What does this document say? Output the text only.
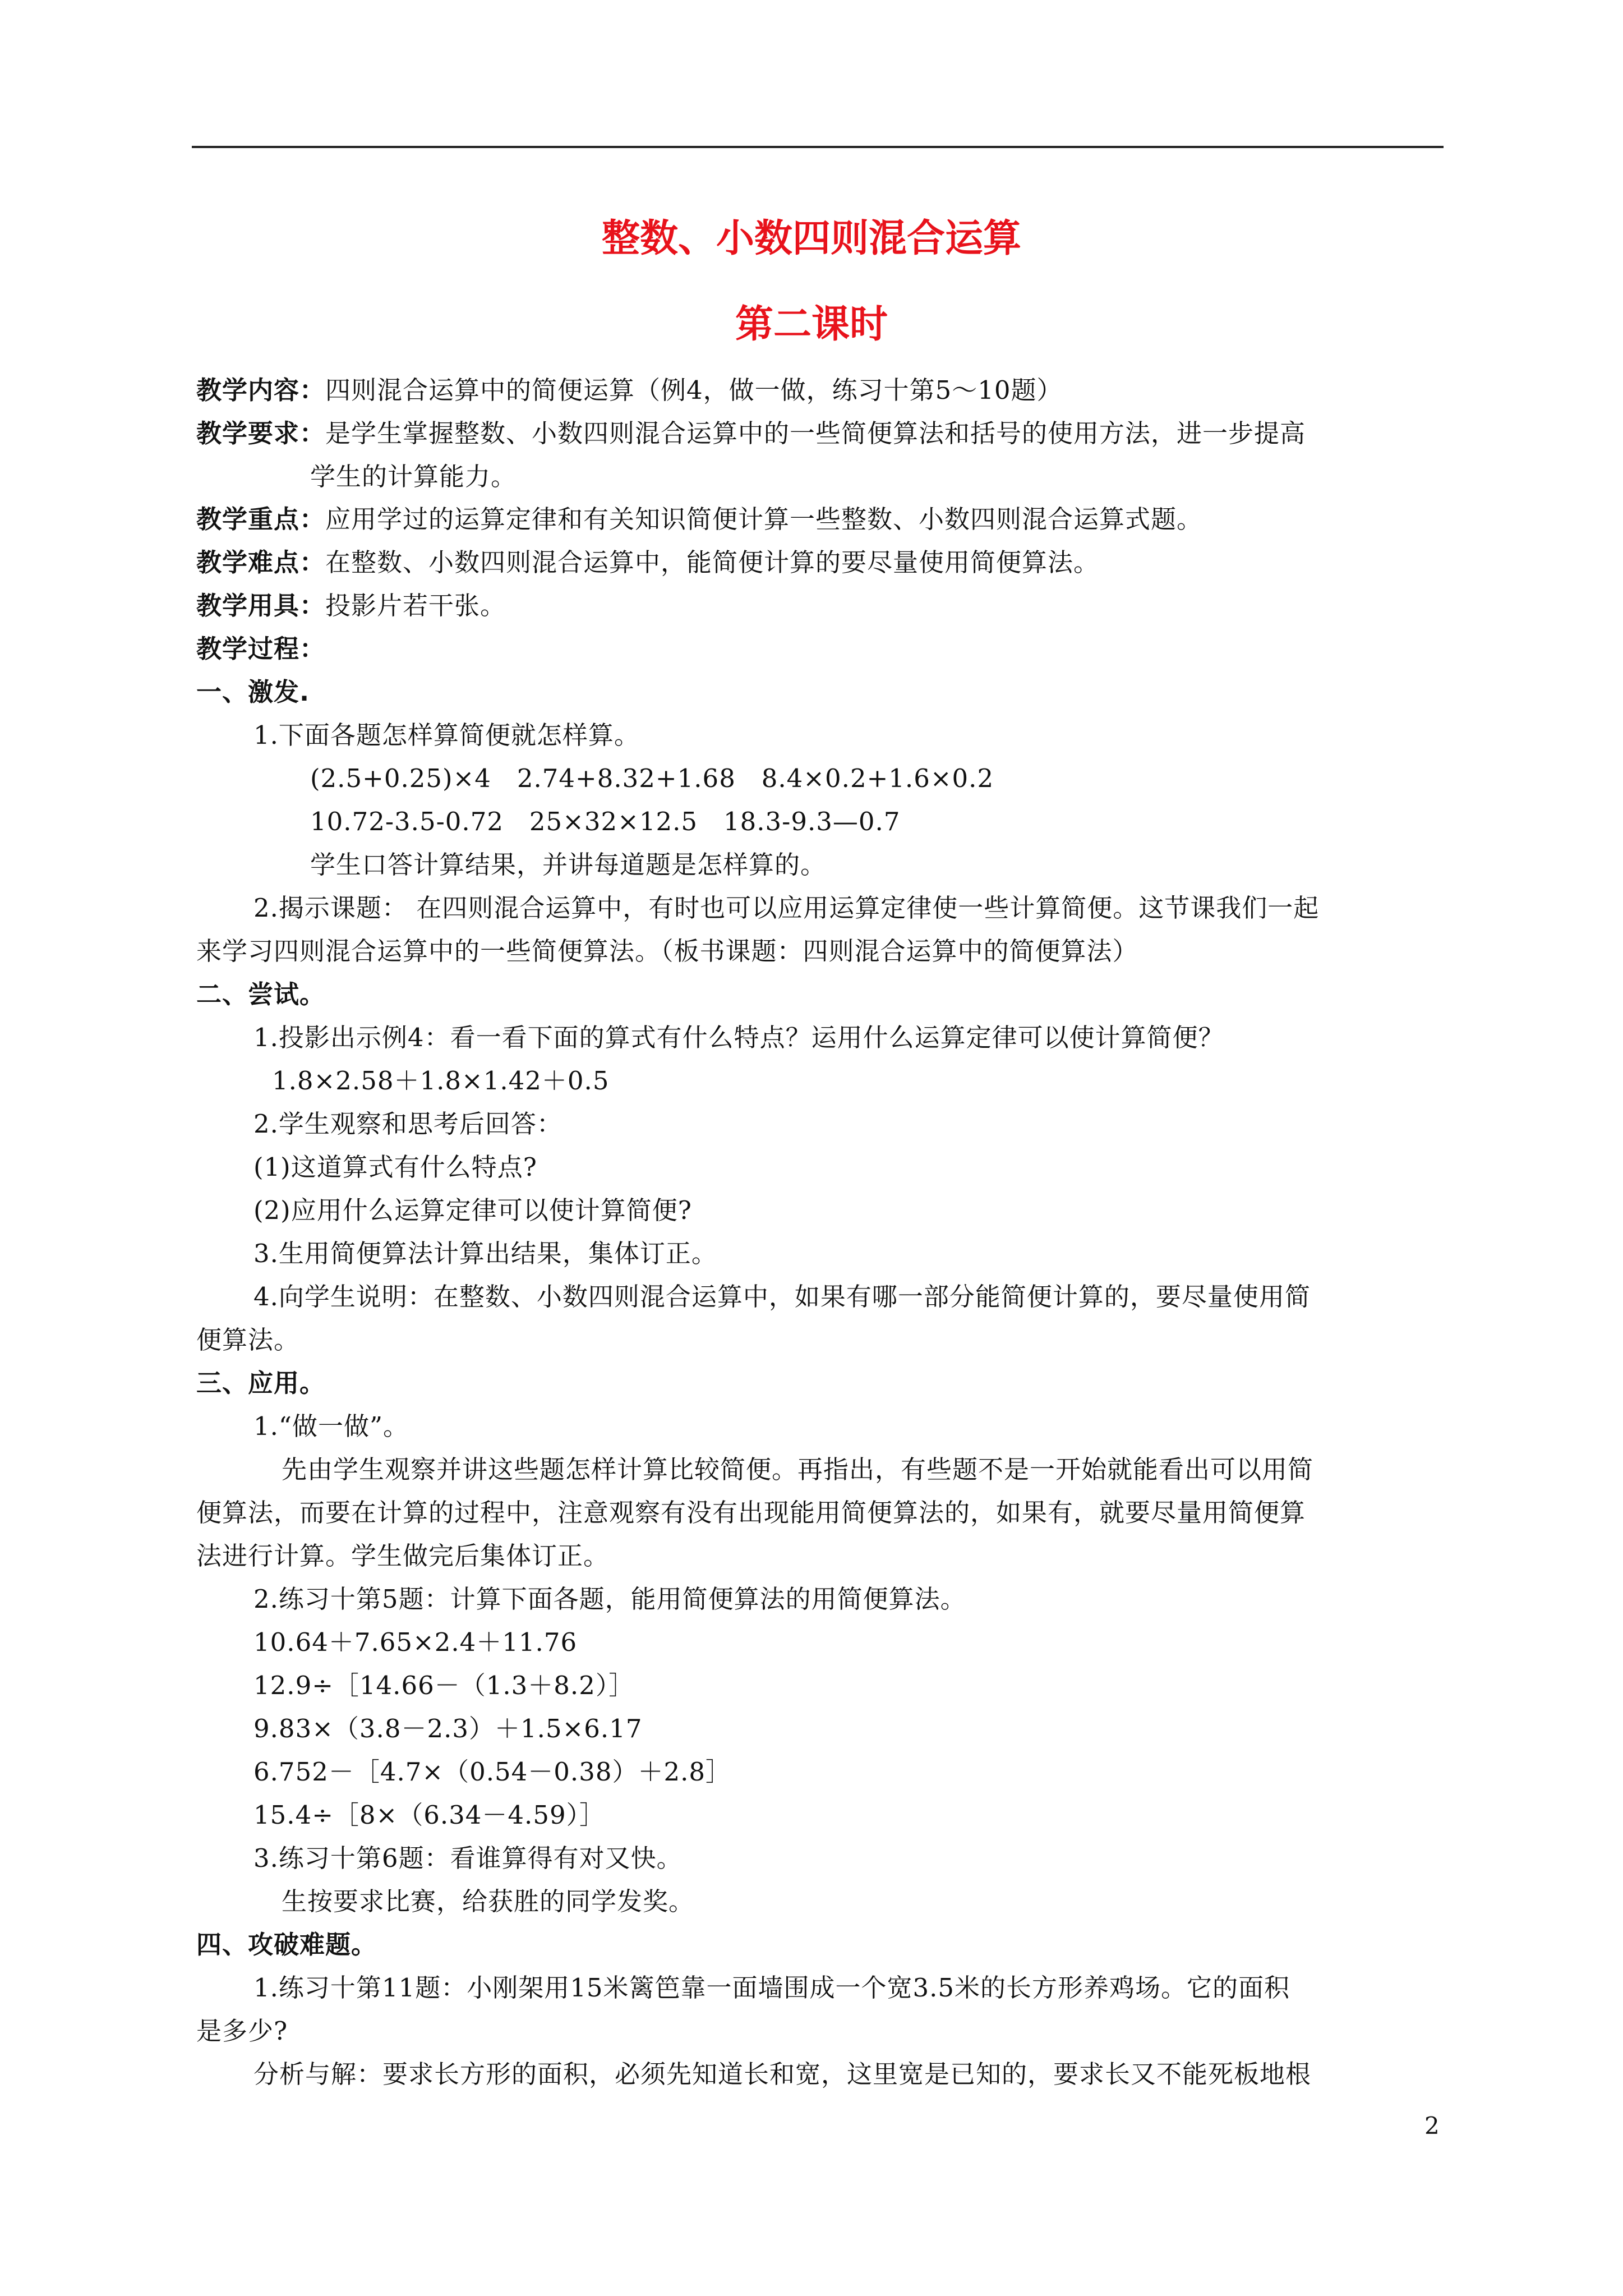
整数、小数四则混合运算
第二课时
教学内容：四则混合运算中的简便运算（例4，做一做，练习十第5～10题）
教学要求：是学生掌握整数、小数四则混合运算中的一些简便算法和括号的使用方法，进一步提高
学生的计算能力。
教学重点：应用学过的运算定律和有关知识简便计算一些整数、小数四则混合运算式题。
教学难点：在整数、小数四则混合运算中，能简便计算的要尽量使用简便算法。
教学用具：投影片若干张。
教学过程：
一、激发.
1.下面各题怎样算简便就怎样算。
(2.5+0.25)×4   2.74+8.32+1.68   8.4×0.2+1.6×0.2
10.72-3.5-0.72   25×32×12.5   18.3-9.3—0.7
学生口答计算结果，并讲每道题是怎样算的。
2.揭示课题： 在四则混合运算中，有时也可以应用运算定律使一些计算简便。这节课我们一起
来学习四则混合运算中的一些简便算法。（板书课题：四则混合运算中的简便算法）
二、尝试。
1.投影出示例4：看一看下面的算式有什么特点？运用什么运算定律可以使计算简便？
1.8×2.58＋1.8×1.42＋0.5
2.学生观察和思考后回答：
(1)这道算式有什么特点?
(2)应用什么运算定律可以使计算简便?
3.生用简便算法计算出结果，集体订正。
4.向学生说明：在整数、小数四则混合运算中，如果有哪一部分能简便计算的，要尽量使用简
便算法。
三、应用。
1.“做一做”。
先由学生观察并讲这些题怎样计算比较简便。再指出，有些题不是一开始就能看出可以用简
便算法，而要在计算的过程中，注意观察有没有出现能用简便算法的，如果有，就要尽量用简便算
法进行计算。学生做完后集体订正。
2.练习十第5题：计算下面各题，能用简便算法的用简便算法。
10.64＋7.65×2.4＋11.76
12.9÷［14.66－（1.3＋8.2）］
9.83×（3.8－2.3）＋1.5×6.17
6.752－［4.7×（0.54－0.38）＋2.8］
15.4÷［8×（6.34－4.59）］
3.练习十第6题：看谁算得有对又快。
生按要求比赛，给获胜的同学发奖。
四、攻破难题。
1.练习十第11题：小刚架用15米篱笆靠一面墙围成一个宽3.5米的长方形养鸡场。它的面积
是多少?
分析与解：要求长方形的面积，必须先知道长和宽，这里宽是已知的，要求长又不能死板地根
2
